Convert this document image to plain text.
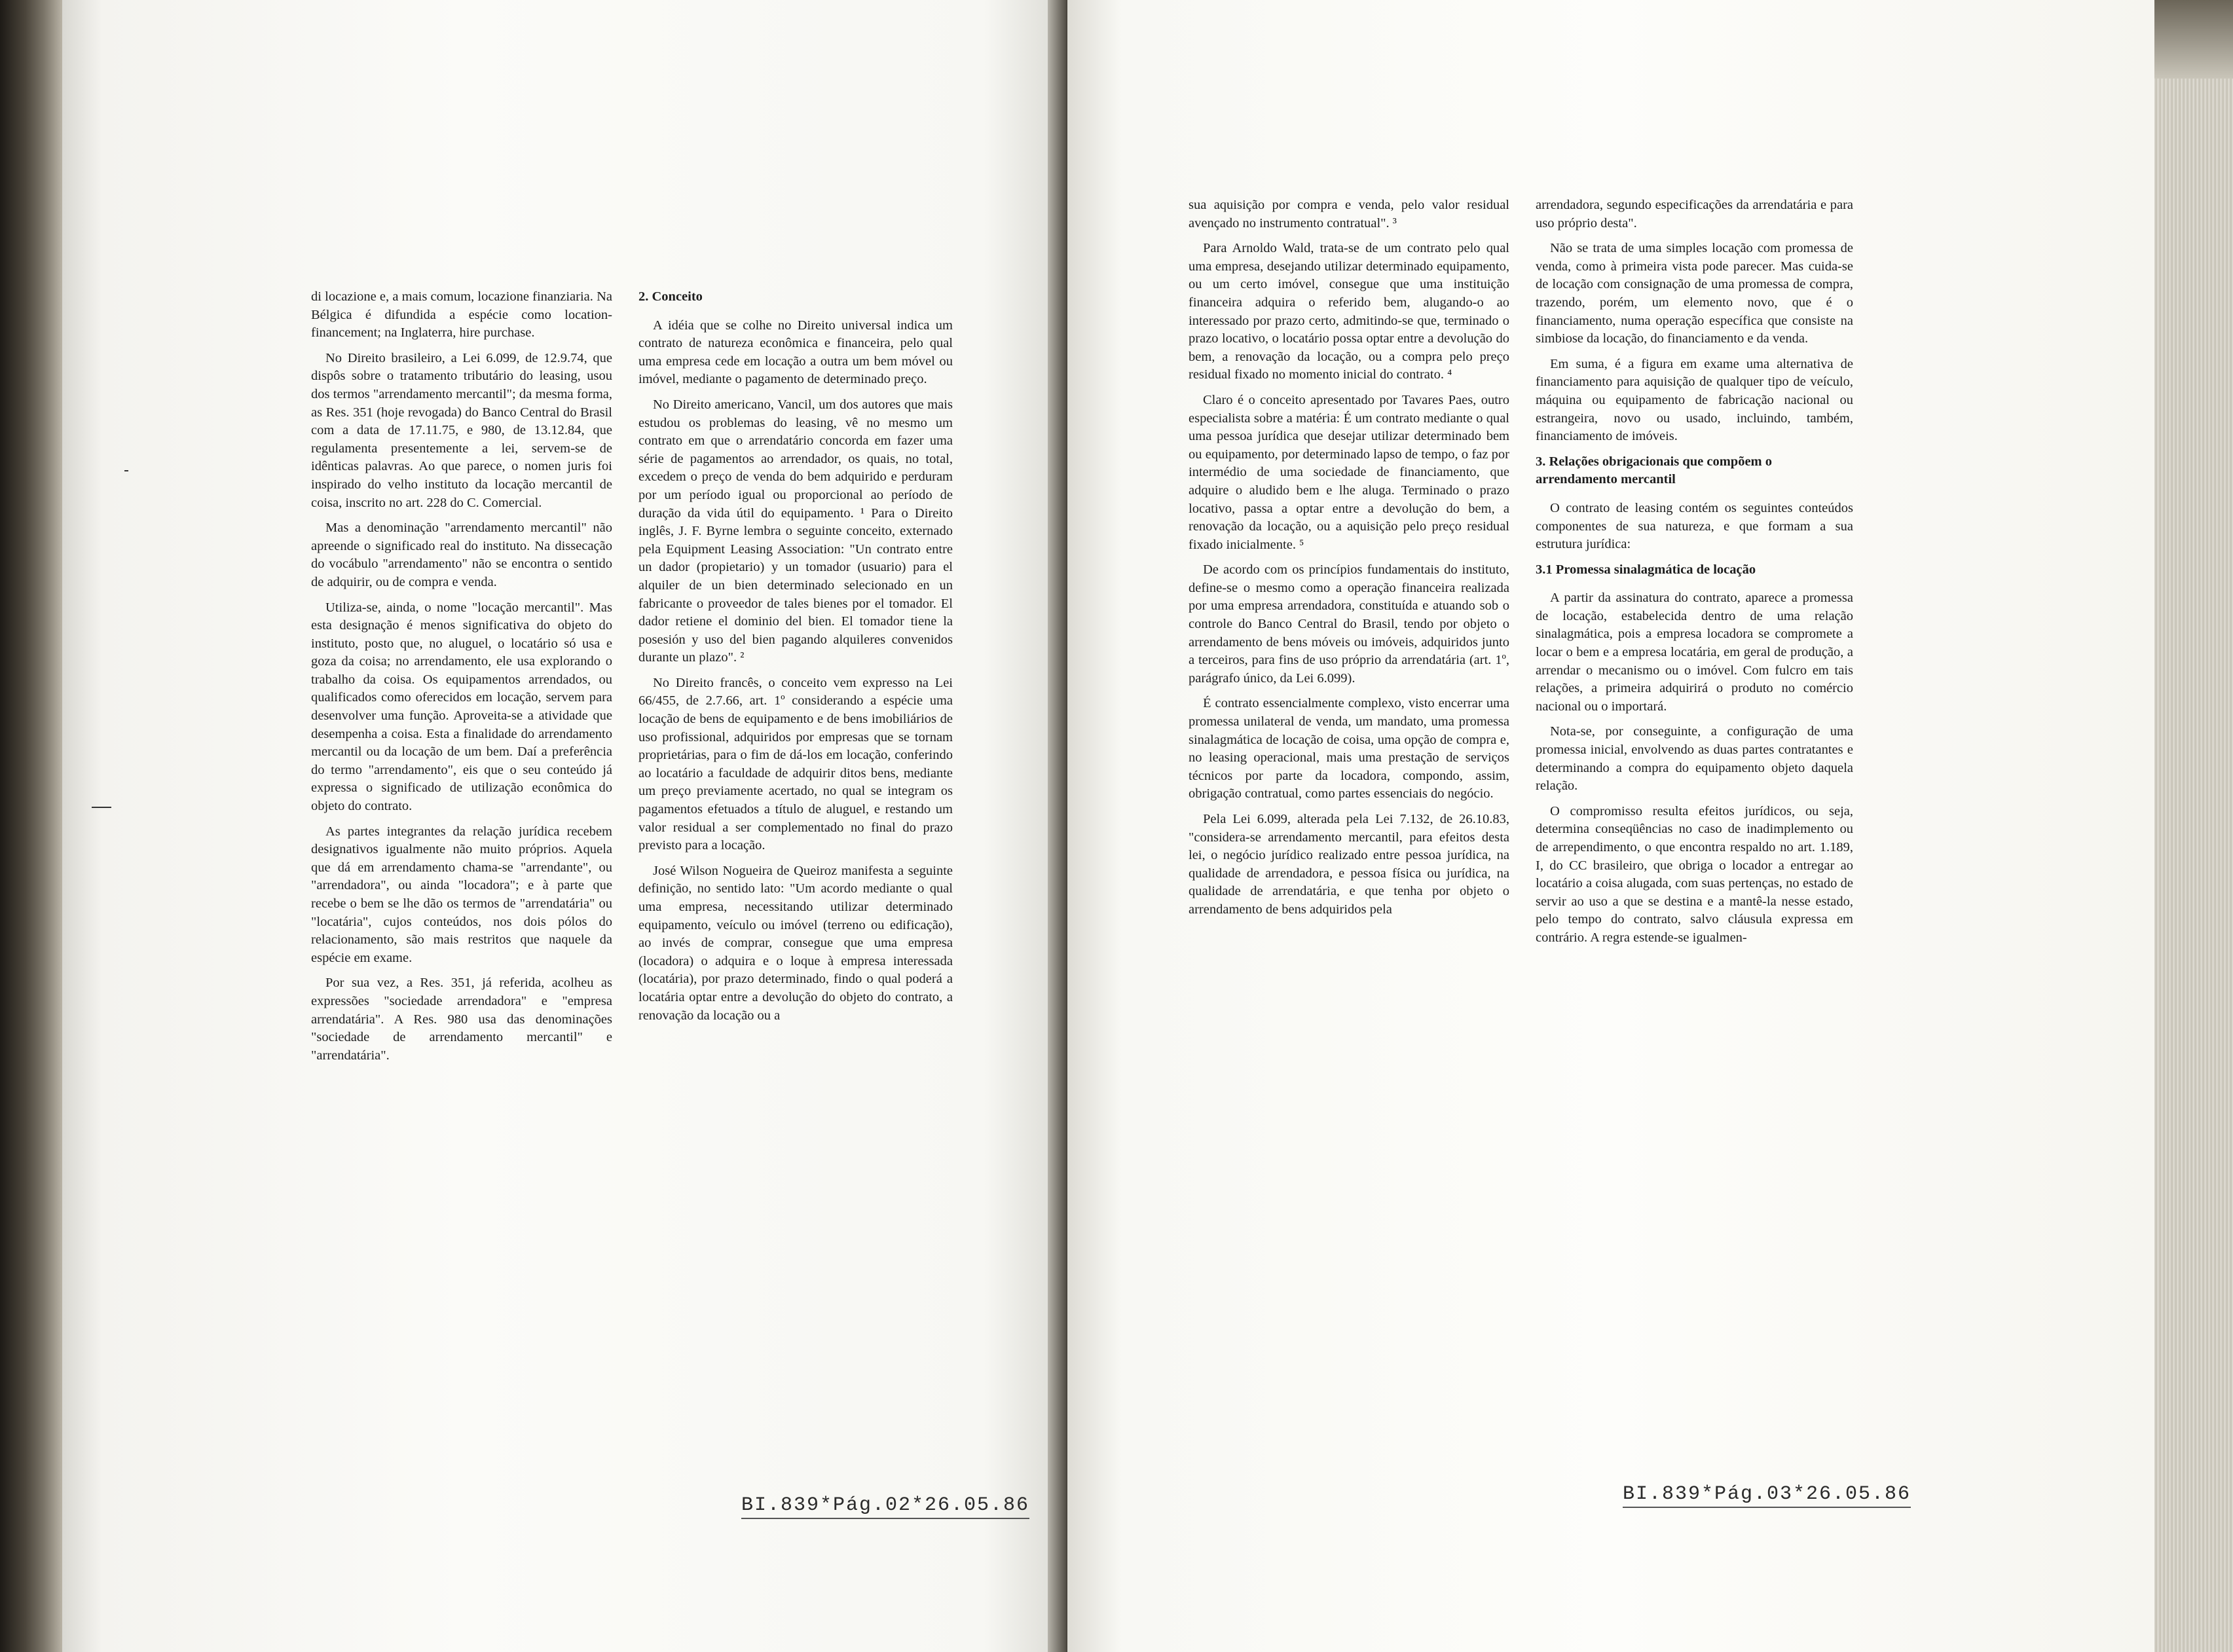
di locazione e, a mais comum, locazione finanziaria. Na Bélgica é difundida a espécie como location-financement; na Inglaterra, hire purchase.

No Direito brasileiro, a Lei 6.099, de 12.9.74, que dispôs sobre o tratamento tributário do leasing, usou dos termos "arrendamento mercantil"; da mesma forma, as Res. 351 (hoje revogada) do Banco Central do Brasil com a data de 17.11.75, e 980, de 13.12.84, que regulamenta presentemente a lei, servem-se de idênticas palavras. Ao que parece, o nomen juris foi inspirado do velho instituto da locação mercantil de coisa, inscrito no art. 228 do C. Comercial.

Mas a denominação "arrendamento mercantil" não apreende o significado real do instituto. Na dissecação do vocábulo "arrendamento" não se encontra o sentido de adquirir, ou de compra e venda.

Utiliza-se, ainda, o nome "locação mercantil". Mas esta designação é menos significativa do objeto do instituto, posto que, no aluguel, o locatário só usa e goza da coisa; no arrendamento, ele usa explorando o trabalho da coisa. Os equipamentos arrendados, ou qualificados como oferecidos em locação, servem para desenvolver uma função. Aproveita-se a atividade que desempenha a coisa. Esta a finalidade do arrendamento mercantil ou da locação de um bem. Daí a preferência do termo "arrendamento", eis que o seu conteúdo já expressa o significado de utilização econômica do objeto do contrato.

As partes integrantes da relação jurídica recebem designativos igualmente não muito próprios. Aquela que dá em arrendamento chama-se "arrendante", ou "arrendadora", ou ainda "locadora"; e à parte que recebe o bem se lhe dão os termos de "arrendatária" ou "locatária", cujos conteúdos, nos dois pólos do relacionamento, são mais restritos que naquele da espécie em exame.

Por sua vez, a Res. 351, já referida, acolheu as expressões "sociedade arrendadora" e "empresa arrendatária". A Res. 980 usa das denominações "sociedade de arrendamento mercantil" e "arrendatária".

2. Conceito

A idéia que se colhe no Direito universal indica um contrato de natureza econômica e financeira, pelo qual uma empresa cede em locação a outra um bem móvel ou imóvel, mediante o pagamento de determinado preço.

No Direito americano, Vancil, um dos autores que mais estudou os problemas do leasing, vê no mesmo um contrato em que o arrendatário concorda em fazer uma série de pagamentos ao arrendador, os quais, no total, excedem o preço de venda do bem adquirido e perduram por um período igual ou proporcional ao período de duração da vida útil do equipamento. ¹ Para o Direito inglês, J. F. Byrne lembra o seguinte conceito, externado pela Equipment Leasing Association: "Un contrato entre un dador (propietario) y un tomador (usuario) para el alquiler de un bien determinado selecionado en un fabricante o proveedor de tales bienes por el tomador. El dador retiene el dominio del bien. El tomador tiene la posesión y uso del bien pagando alquileres convenidos durante un plazo". ²

No Direito francês, o conceito vem expresso na Lei 66/455, de 2.7.66, art. 1º considerando a espécie uma locação de bens de equipamento e de bens imobiliários de uso profissional, adquiridos por empresas que se tornam proprietárias, para o fim de dá-los em locação, conferindo ao locatário a faculdade de adquirir ditos bens, mediante um preço previamente acertado, no qual se integram os pagamentos efetuados a título de aluguel, e restando um valor residual a ser complementado no final do prazo previsto para a locação.

José Wilson Nogueira de Queiroz manifesta a seguinte definição, no sentido lato: "Um acordo mediante o qual uma empresa, necessitando utilizar determinado equipamento, veículo ou imóvel (terreno ou edificação), ao invés de comprar, consegue que uma empresa (locadora) o adquira e o loque à empresa interessada (locatária), por prazo determinado, findo o qual poderá a locatária optar entre a devolução do objeto do contrato, a renovação da locação ou a

BI.839*Pág.02*26.05.86

sua aquisição por compra e venda, pelo valor residual avençado no instrumento contratual". ³

Para Arnoldo Wald, trata-se de um contrato pelo qual uma empresa, desejando utilizar determinado equipamento, ou um certo imóvel, consegue que uma instituição financeira adquira o referido bem, alugando-o ao interessado por prazo certo, admitindo-se que, terminado o prazo locativo, o locatário possa optar entre a devolução do bem, a renovação da locação, ou a compra pelo preço residual fixado no momento inicial do contrato. ⁴

Claro é o conceito apresentado por Tavares Paes, outro especialista sobre a matéria: É um contrato mediante o qual uma pessoa jurídica que desejar utilizar determinado bem ou equipamento, por determinado lapso de tempo, o faz por intermédio de uma sociedade de financiamento, que adquire o aludido bem e lhe aluga. Terminado o prazo locativo, passa a optar entre a devolução do bem, a renovação da locação, ou a aquisição pelo preço residual fixado inicialmente. ⁵

De acordo com os princípios fundamentais do instituto, define-se o mesmo como a operação financeira realizada por uma empresa arrendadora, constituída e atuando sob o controle do Banco Central do Brasil, tendo por objeto o arrendamento de bens móveis ou imóveis, adquiridos junto a terceiros, para fins de uso próprio da arrendatária (art. 1º, parágrafo único, da Lei 6.099).

É contrato essencialmente complexo, visto encerrar uma promessa unilateral de venda, um mandato, uma promessa sinalagmática de locação de coisa, uma opção de compra e, no leasing operacional, mais uma prestação de serviços técnicos por parte da locadora, compondo, assim, obrigação contratual, como partes essenciais do negócio.

Pela Lei 6.099, alterada pela Lei 7.132, de 26.10.83, "considera-se arrendamento mercantil, para efeitos desta lei, o negócio jurídico realizado entre pessoa jurídica, na qualidade de arrendadora, e pessoa física ou jurídica, na qualidade de arrendatária, e que tenha por objeto o arrendamento de bens adquiridos pela

arrendadora, segundo especificações da arrendatária e para uso próprio desta".

Não se trata de uma simples locação com promessa de venda, como à primeira vista pode parecer. Mas cuida-se de locação com consignação de uma promessa de compra, trazendo, porém, um elemento novo, que é o financiamento, numa operação específica que consiste na simbiose da locação, do financiamento e da venda.

Em suma, é a figura em exame uma alternativa de financiamento para aquisição de qualquer tipo de veículo, máquina ou equipamento de fabricação nacional ou estrangeira, novo ou usado, incluindo, também, financiamento de imóveis.

3. Relações obrigacionais que compõem o arrendamento mercantil

O contrato de leasing contém os seguintes conteúdos componentes de sua natureza, e que formam a sua estrutura jurídica:

3.1 Promessa sinalagmática de locação

A partir da assinatura do contrato, aparece a promessa de locação, estabelecida dentro de uma relação sinalagmática, pois a empresa locadora se compromete a locar o bem e a empresa locatária, em geral de produção, a arrendar o mecanismo ou o imóvel. Com fulcro em tais relações, a primeira adquirirá o produto no comércio nacional ou o importará.

Nota-se, por conseguinte, a configuração de uma promessa inicial, envolvendo as duas partes contratantes e determinando a compra do equipamento objeto daquela relação.

O compromisso resulta efeitos jurídicos, ou seja, determina conseqüências no caso de inadimplemento ou de arrependimento, o que encontra respaldo no art. 1.189, I, do CC brasileiro, que obriga o locador a entregar ao locatário a coisa alugada, com suas pertenças, no estado de servir ao uso a que se destina e a mantê-la nesse estado, pelo tempo do contrato, salvo cláusula expressa em contrário. A regra estende-se igualmen-

BI.839*Pág.03*26.05.86
